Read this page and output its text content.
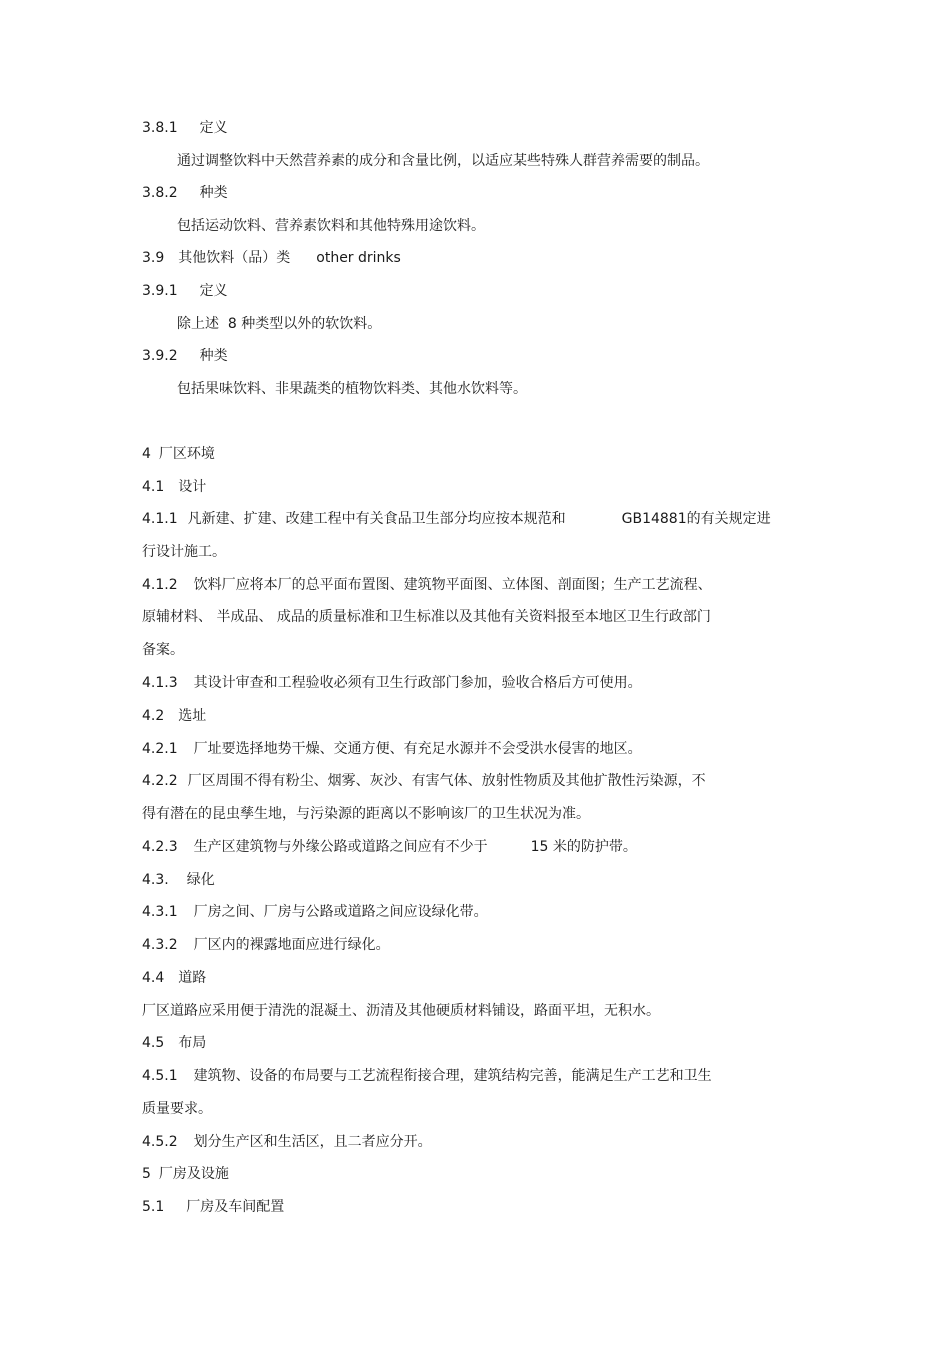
3.8.1 定义
通过调整饮料中天然营养素的成分和含量比例，以适应某些特殊人群营养需要的制品。
3.8.2 种类
包括运动饮料、营养素饮料和其他特殊用途饮料。
3.9 其他饮料（品）类 other drinks
3.9.1 定义
除上述  8 种类型以外的软饮料。
3.9.2 种类
包括果味饮料、非果蔬类的植物饮料类、其他水饮料等。
4 厂区环境
4.1 设计
4.1.1 凡新建、扩建、改建工程中有关食品卫生部分均应按本规范和	GB14881的有关规定进
行设计施工。
4.1.2 饮料厂应将本厂的总平面布置图、建筑物平面图、立体图、剖面图；生产工艺流程、
原辅材料、 半成品、 成品的质量标准和卫生标准以及其他有关资料报至本地区卫生行政部门
备案。
4.1.3 其设计审查和工程验收必须有卫生行政部门参加，验收合格后方可使用。
4.2 选址
4.2.1 厂址要选择地势干燥、交通方便、有充足水源并不会受洪水侵害的地区。
4.2.2 厂区周围不得有粉尘、烟雾、灰沙、有害气体、放射性物质及其他扩散性污染源，不
得有潜在的昆虫孳生地，与污染源的距离以不影响该厂的卫生状况为准。
4.2.3 生产区建筑物与外缘公路或道路之间应有不少于	15 米的防护带。
4.3. 绿化
4.3.1 厂房之间、厂房与公路或道路之间应设绿化带。
4.3.2 厂区内的裸露地面应进行绿化。
4.4 道路
厂区道路应采用便于清洗的混凝土、沥清及其他硬质材料铺设，路面平坦，无积水。
4.5 布局
4.5.1 建筑物、设备的布局要与工艺流程衔接合理，建筑结构完善，能满足生产工艺和卫生
质量要求。
4.5.2 划分生产区和生活区，且二者应分开。
5 厂房及设施
5.1 厂房及车间配置
